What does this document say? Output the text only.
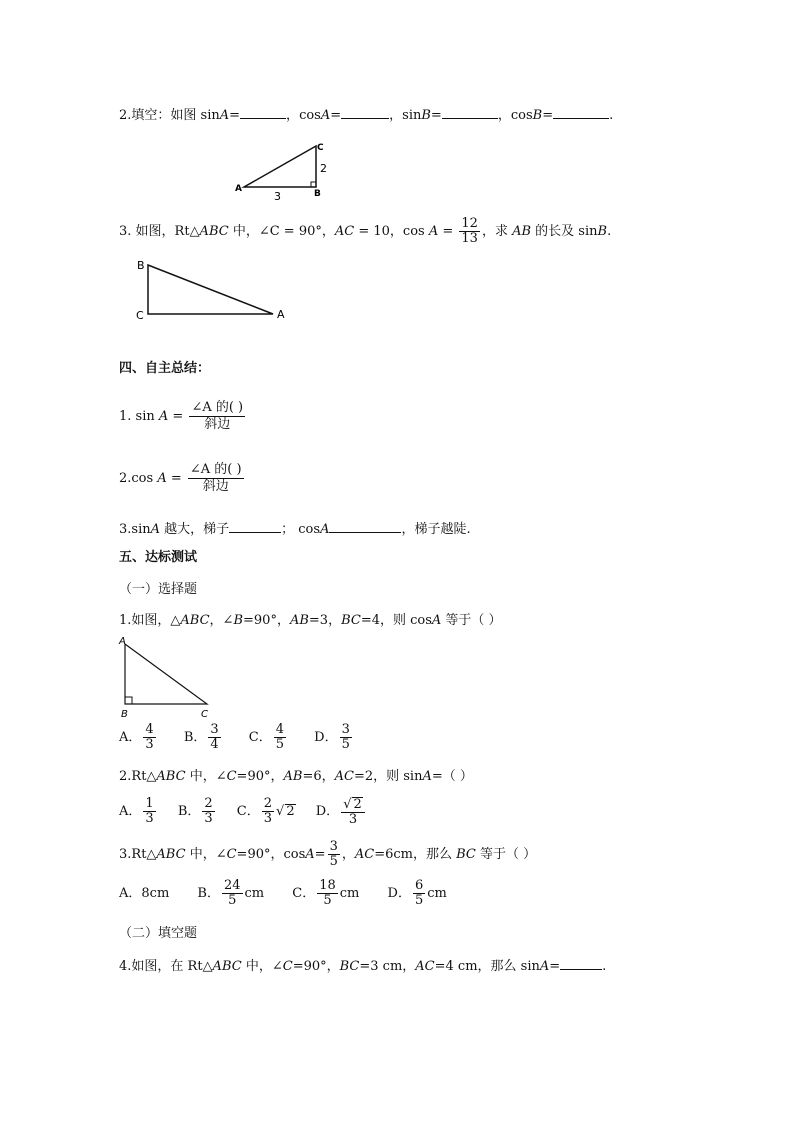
2.填空：如图 sinA=	，cosA=	，sinB=	，cosB=	.
A	B
C
2
3
3. 如图，Rt△ABC 中，∠C = 90°，AC = 10，$\cos A = \frac{12}{13}$ ，求 AB 的长及 sinB.
B
C	A
四、自主总结：
1. $\sin A = \frac{\text{∠A 的( )}}{\text{斜边}}$
2.cos $A = \frac{\text{∠A 的( )}}{\text{斜边}}$
3.sinA 越大，梯子	； cosA	，梯子越陡.
五、达标测试
（一）选择题
1.如图，△ABC，∠B=90°，AB=3，BC=4，则 cosA 等于（ ）
A
B	C
A． $\frac{4}{3}$ B． $\frac{3}{4}$ C． $\frac{4}{5}$ D． $\frac{3}{5}$
2.Rt△ABC 中，∠C=90°，AB=6，AC=2，则 sinA=（ ）
A． $\frac{1}{3}$ B． $\frac{2}{3}$ C． $\frac{2}{3}$ √ 2 D． $\frac{√ 2}{3}$
3.Rt△ABC 中，∠C=90°，$\cos A= \frac{3}{5}$ ，AC=6cm，那么 BC 等于（ ）
A．8cm B． $\frac{24}{5}$ cm C． $\frac{18}{5}$ cm D． $\frac{6}{5}$ cm
（二）填空题
4.如图，在 Rt△ABC 中，∠C=90°，BC=3 cm，AC=4 cm，那么 sinA=	.
